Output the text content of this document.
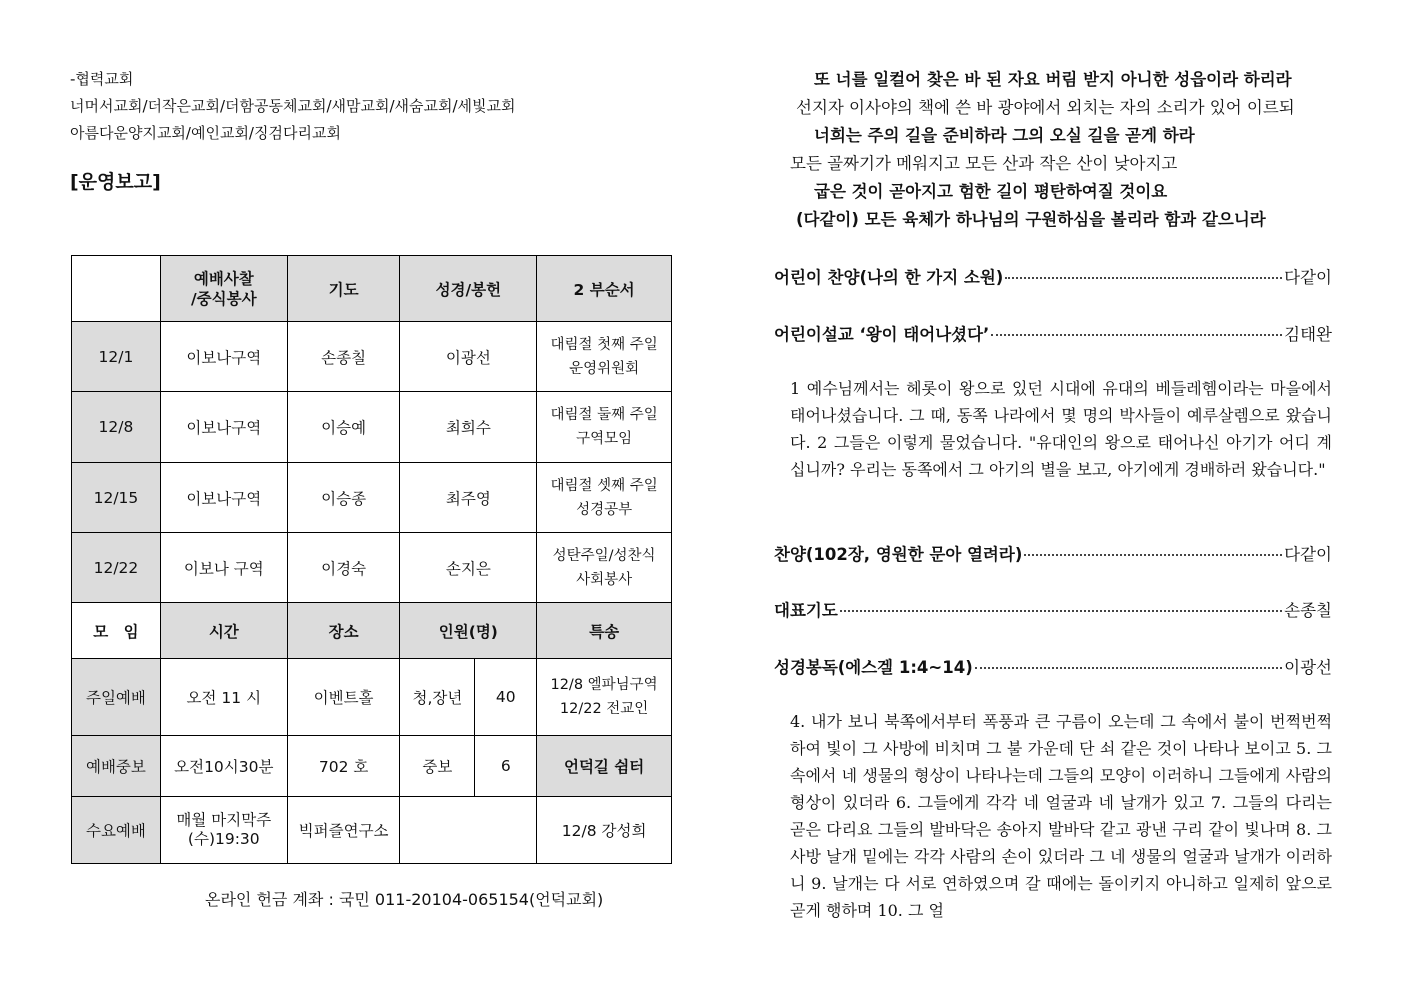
-협력교회
너머서교회/더작은교회/더함공동체교회/새맘교회/새숨교회/세빛교회
아름다운양지교회/예인교회/징검다리교회
[운영보고]
	예배사찰
/중식봉사	기도	성경/봉헌		2 부순서
12/1	이보나구역	손종칠	이광선		대림절 첫째 주일
운영위원회
12/8	이보나구역	이승예	최희수		대림절 둘째 주일
구역모임
12/15	이보나구역	이승종	최주영		대림절 셋째 주일
성경공부
12/22	이보나 구역	이경숙	손지은		성탄주일/성찬식
사회봉사
모　임	시간	장소	인원(명)		특송
주일예배	오전 11 시	이벤트홀	청,장년	40	12/8 엘파님구역
12/22 전교인
예배중보	오전10시30분	702 호	중보	6	언덕길 쉼터
수요예배	매월 마지막주
(수)19:30	빅퍼즐연구소			12/8 강성희
온라인 헌금 계좌 : 국민 011-20104-065154(언덕교회)
또 너를 일컬어 찾은 바 된 자요 버림 받지 아니한 성읍이라 하리라
선지자 이사야의 책에 쓴 바 광야에서 외치는 자의 소리가 있어 이르되
너희는 주의 길을 준비하라 그의 오실 길을 곧게 하라
모든 골짜기가 메워지고 모든 산과 작은 산이 낮아지고
굽은 것이 곧아지고 험한 길이 평탄하여질 것이요
(다같이) 모든 육체가 하나님의 구원하심을 볼리라 함과 같으니라
어린이 찬양(나의 한 가지 소원)	다같이
어린이설교 ‘왕이 태어나셨다’	김태완
1 예수님께서는 헤롯이 왕으로 있던 시대에 유대의 베들레헴이라는 마을에서 태어나셨습니다. 그 때, 동쪽 나라에서 몇 명의 박사들이 예루살렘으로 왔습니다. 2 그들은 이렇게 물었습니다. "유대인의 왕으로 태어나신 아기가 어디 계십니까? 우리는 동쪽에서 그 아기의 별을 보고, 아기에게 경배하러 왔습니다."
찬양(102장, 영원한 문아 열려라)	다같이
대표기도	손종칠
성경봉독(에스겔 1:4~14)	이광선
4. 내가 보니 북쪽에서부터 폭풍과 큰 구름이 오는데 그 속에서 불이 번쩍번쩍하여 빛이 그 사방에 비치며 그 불 가운데 단 쇠 같은 것이 나타나 보이고 5. 그 속에서 네 생물의 형상이 나타나는데 그들의 모양이 이러하니 그들에게 사람의 형상이 있더라 6. 그들에게 각각 네 얼굴과 네 날개가 있고 7. 그들의 다리는 곧은 다리요 그들의 발바닥은 송아지 발바닥 같고 광낸 구리 같이 빛나며 8. 그 사방 날개 밑에는 각각 사람의 손이 있더라 그 네 생물의 얼굴과 날개가 이러하니 9. 날개는 다 서로 연하였으며 갈 때에는 돌이키지 아니하고 일제히 앞으로 곧게 행하며 10. 그 얼
